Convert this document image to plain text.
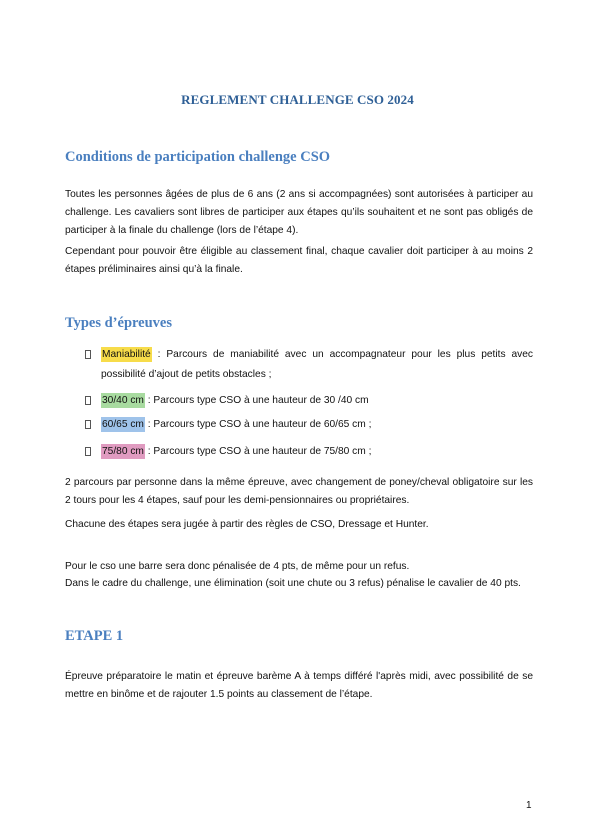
REGLEMENT CHALLENGE CSO 2024
Conditions de participation challenge CSO
Toutes les personnes âgées de plus de 6 ans (2 ans si accompagnées) sont autorisées à participer au challenge. Les cavaliers sont libres de participer aux étapes qu’ils souhaitent et ne sont pas obligés de participer à la finale du challenge (lors de l’étape 4).
Cependant pour pouvoir être éligible au classement final, chaque cavalier doit participer à au moins 2 étapes préliminaires ainsi qu’à la finale.
Types d’épreuves
Maniabilité : Parcours de maniabilité avec un accompagnateur pour les plus petits avec possibilité d’ajout de petits obstacles ;
30/40 cm : Parcours type CSO à une hauteur de 30 /40 cm
60/65 cm : Parcours type CSO à une hauteur de 60/65 cm ;
75/80 cm : Parcours type CSO à une hauteur de 75/80 cm ;
2 parcours par personne dans la même épreuve, avec changement de poney/cheval obligatoire sur les 2 tours pour les 4 étapes, sauf pour les demi-pensionnaires ou propriétaires.
Chacune des étapes sera jugée à partir des règles de CSO, Dressage et Hunter.
Pour le cso une barre sera donc pénalisée de 4 pts, de même pour un refus.
Dans le cadre du challenge, une élimination (soit une chute ou 3 refus) pénalise le cavalier de 40 pts.
ETAPE 1
Épreuve préparatoire le matin et épreuve barème A à temps différé l'après midi, avec possibilité de se mettre en binôme et de rajouter 1.5 points au classement de l’étape.
1
